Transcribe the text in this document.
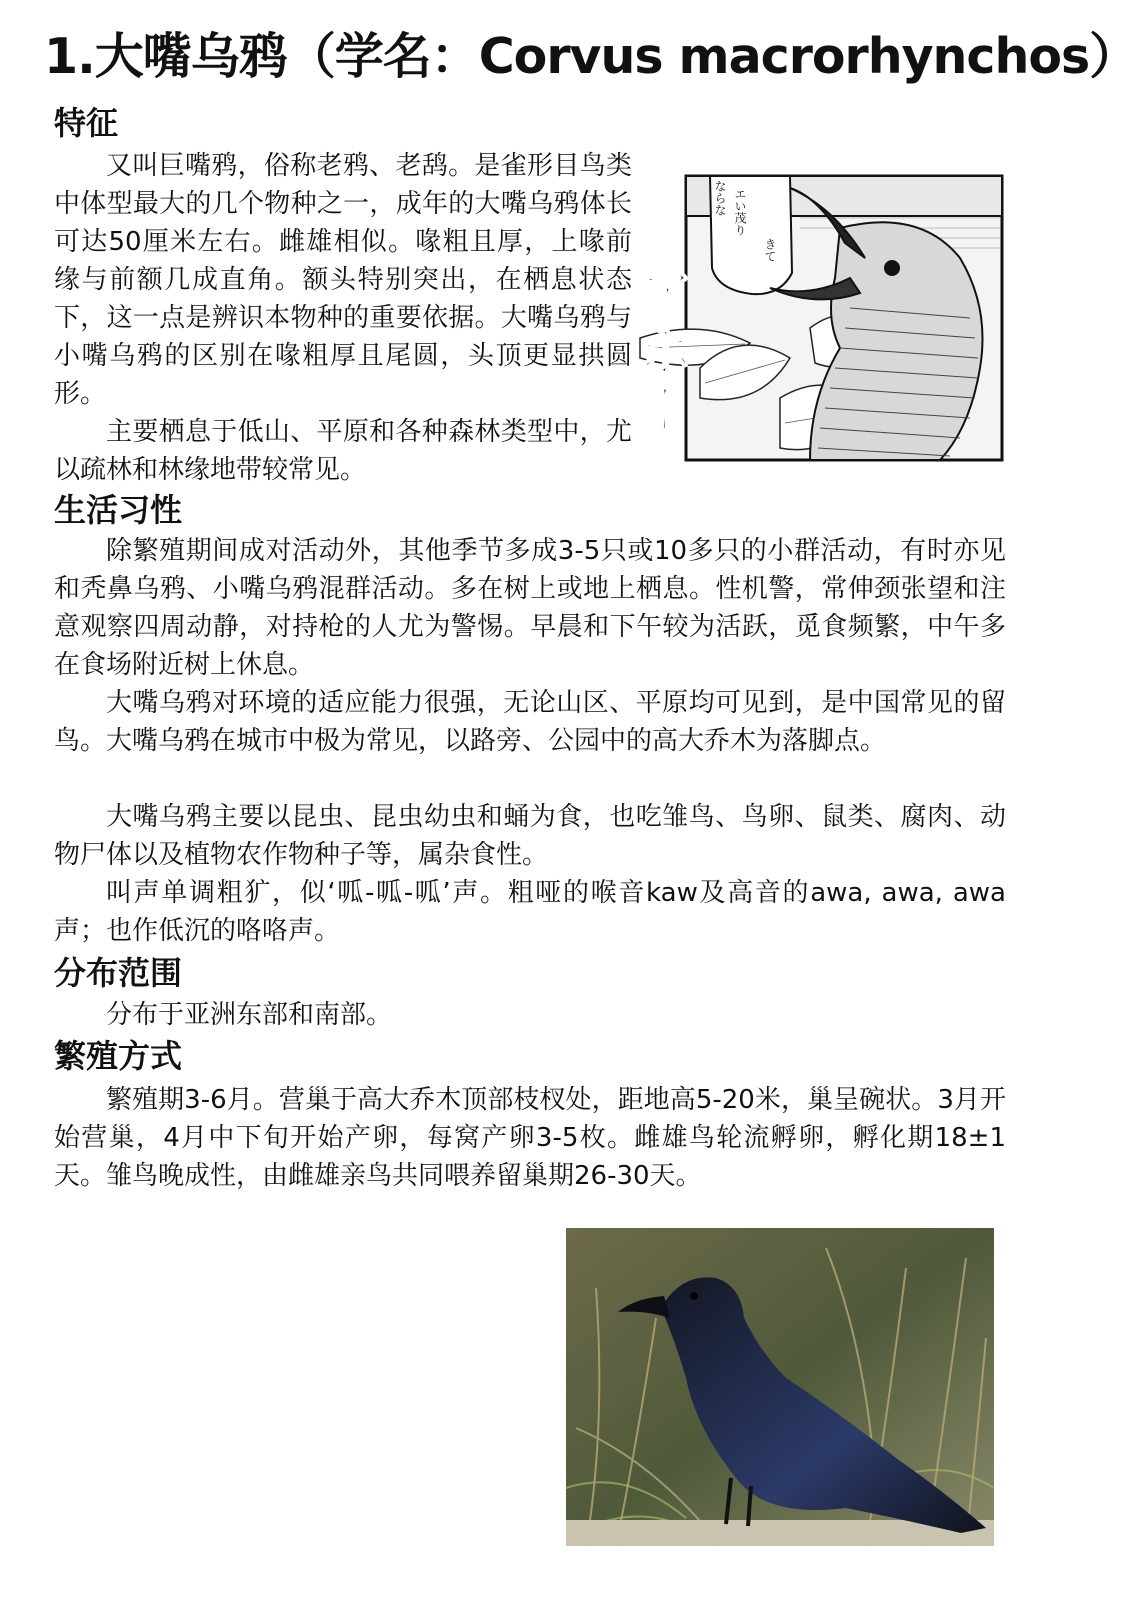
1.大嘴乌鸦（学名：Corvus macrorhynchos）
特征

又叫巨嘴鸦，俗称老鸦、老鸹。是雀形目鸟类中体型最大的几个物种之一，成年的大嘴乌鸦体长可达50厘米左右。雌雄相似。喙粗且厚，上喙前缘与前额几成直角。额头特别突出，在栖息状态下，这一点是辨识本物种的重要依据。大嘴乌鸦与小嘴乌鸦的区别在喙粗厚且尾圆，头顶更显拱圆形。

主要栖息于低山、平原和各种森林类型中，尤以疏林和林缘地带较常见。

エい茂り
きて
ならな
アホー
生活习性

除繁殖期间成对活动外，其他季节多成3-5只或10多只的小群活动，有时亦见和秃鼻乌鸦、小嘴乌鸦混群活动。多在树上或地上栖息。性机警，常伸颈张望和注意观察四周动静，对持枪的人尤为警惕。早晨和下午较为活跃，觅食频繁，中午多在食场附近树上休息。

大嘴乌鸦对环境的适应能力很强，无论山区、平原均可见到，是中国常见的留鸟。大嘴乌鸦在城市中极为常见，以路旁、公园中的高大乔木为落脚点。

大嘴乌鸦主要以昆虫、昆虫幼虫和蛹为食，也吃雏鸟、鸟卵、鼠类、腐肉、动物尸体以及植物农作物种子等，属杂食性。

叫声单调粗犷，似‘呱-呱-呱’声。粗哑的喉音kaw及高音的awa, awa, awa声；也作低沉的咯咯声。

分布范围

分布于亚洲东部和南部。

繁殖方式

繁殖期3-6月。营巢于高大乔木顶部枝杈处，距地高5-20米，巢呈碗状。3月开始营巢，4月中下旬开始产卵，每窝产卵3-5枚。雌雄鸟轮流孵卵，孵化期18±1天。雏鸟晚成性，由雌雄亲鸟共同喂养留巢期26-30天。
